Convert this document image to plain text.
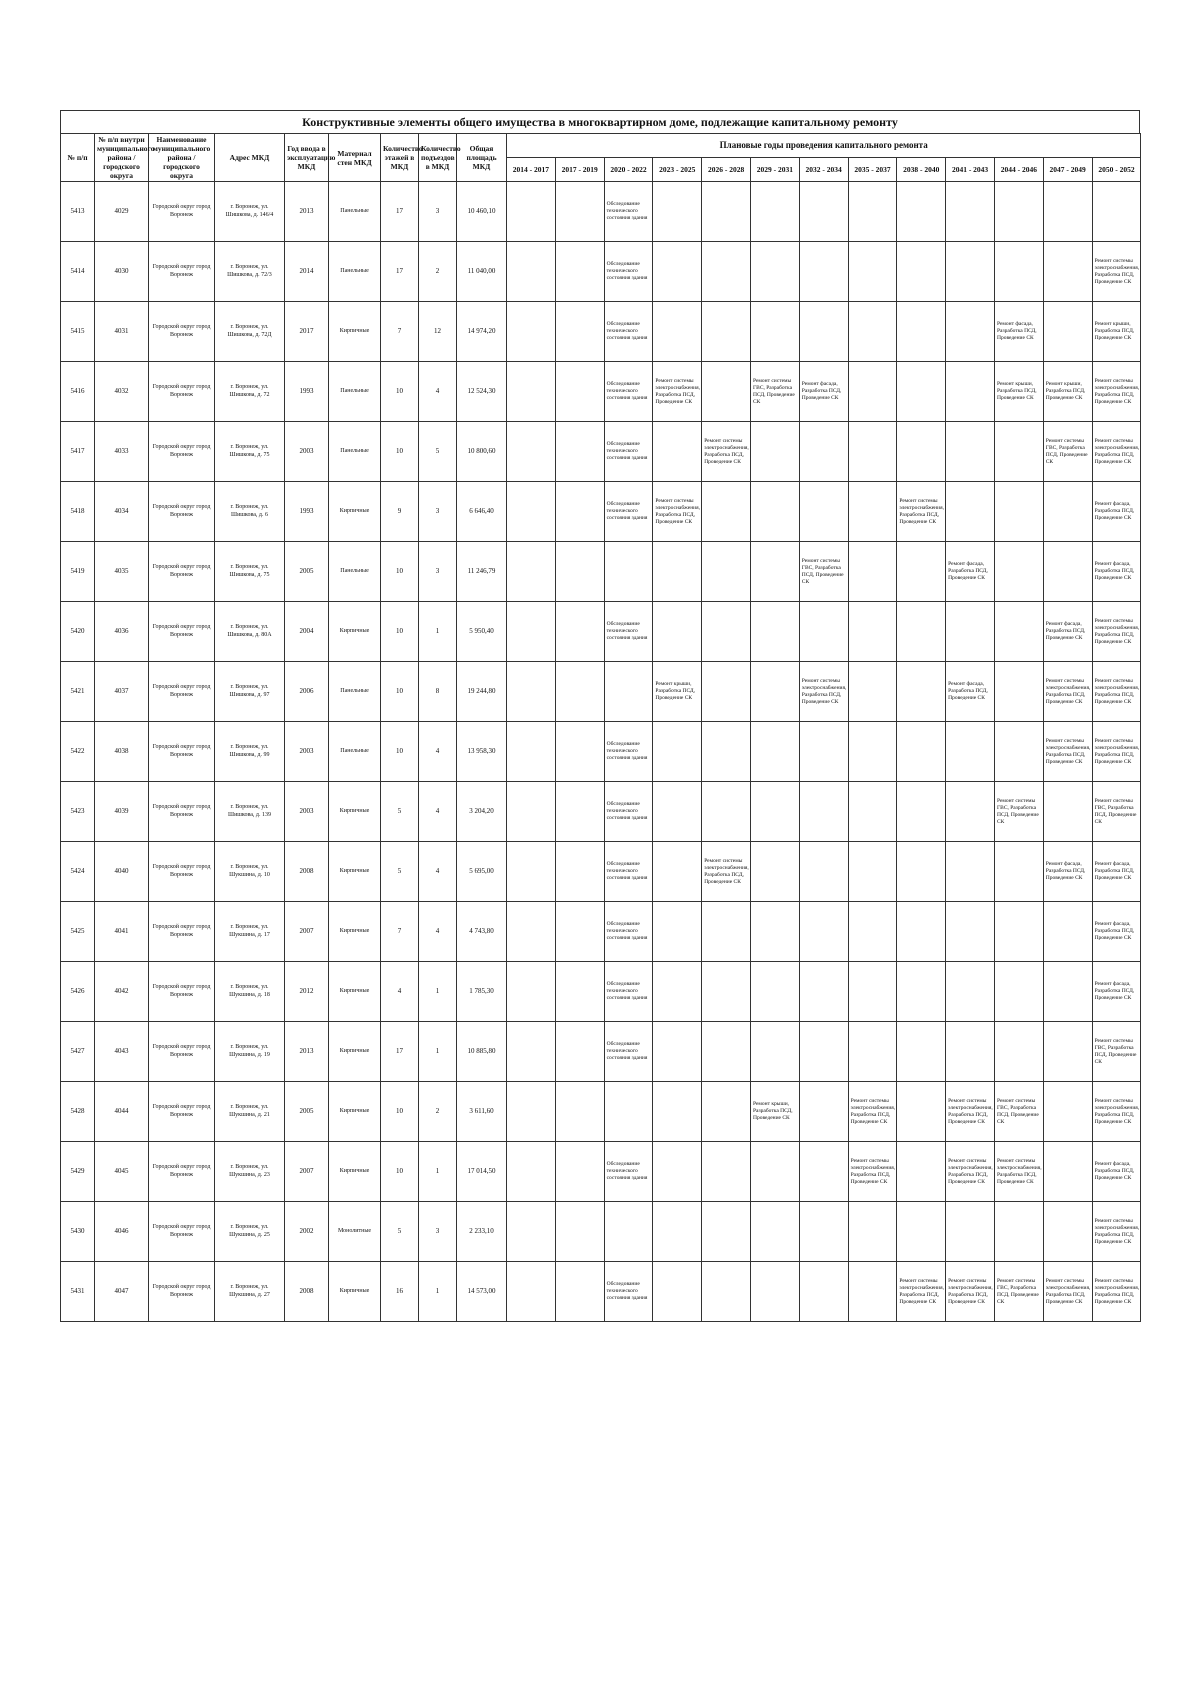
Конструктивные элементы общего имущества в многоквартирном доме, подлежащие капитальному ремонту
№ п/п	№ п/п внутри муниципального района / городского округа	Наименование муниципального района / городского округа	Адрес МКД	Год ввода в эксплуатацию МКД	Материал стен МКД	Количество этажей в МКД	Количество подъездов в МКД	Общая площадь МКД	Плановые годы проведения капитального ремонта												
									2014 - 2017	2017 - 2019	2020 - 2022	2023 - 2025	2026 - 2028	2029 - 2031	2032 - 2034	2035 - 2037	2038 - 2040	2041 - 2043	2044 - 2046	2047 - 2049	2050 - 2052
5413	4029	Городской округ город Воронеж	г. Воронеж, ул. Шишкова, д. 146/4	2013	Панельные	17	3	10 460,10			Обследование технического состояния здания										
5414	4030	Городской округ город Воронеж	г. Воронеж, ул. Шишкова, д. 72/3	2014	Панельные	17	2	11 040,00			Обследование технического состояния здания										Ремонт системы электроснабжения, Разработка ПСД, Проведение СК
5415	4031	Городской округ город Воронеж	г. Воронеж, ул. Шишкова, д. 72Д	2017	Кирпичные	7	12	14 974,20			Обследование технического состояния здания								Ремонт фасада, Разработка ПСД, Проведение СК		Ремонт крыши, Разработка ПСД, Проведение СК
5416	4032	Городской округ город Воронеж	г. Воронеж, ул. Шишкова, д. 72	1993	Панельные	10	4	12 524,30			Обследование технического состояния здания	Ремонт системы электроснабжения, Разработка ПСД, Проведение СК		Ремонт системы ГВС, Разработка ПСД, Проведение СК	Ремонт фасада, Разработка ПСД, Проведение СК				Ремонт крыши, Разработка ПСД, Проведение СК	Ремонт крыши, Разработка ПСД, Проведение СК	Ремонт системы электроснабжения, Разработка ПСД, Проведение СК
5417	4033	Городской округ город Воронеж	г. Воронеж, ул. Шишкова, д. 75	2003	Панельные	10	5	10 800,60			Обследование технического состояния здания		Ремонт системы электроснабжения, Разработка ПСД, Проведение СК							Ремонт системы ГВС, Разработка ПСД, Проведение СК	Ремонт системы электроснабжения, Разработка ПСД, Проведение СК
5418	4034	Городской округ город Воронеж	г. Воронеж, ул. Шишкова, д. 6	1993	Кирпичные	9	3	6 646,40			Обследование технического состояния здания	Ремонт системы электроснабжения, Разработка ПСД, Проведение СК					Ремонт системы электроснабжения, Разработка ПСД, Проведение СК				Ремонт фасада, Разработка ПСД, Проведение СК
5419	4035	Городской округ город Воронеж	г. Воронеж, ул. Шишкова, д. 75	2005	Панельные	10	3	11 246,79							Ремонт системы ГВС, Разработка ПСД, Проведение СК			Ремонт фасада, Разработка ПСД, Проведение СК			Ремонт фасада, Разработка ПСД, Проведение СК
5420	4036	Городской округ город Воронеж	г. Воронеж, ул. Шишкова, д. 80А	2004	Кирпичные	10	1	5 950,40			Обследование технического состояния здания									Ремонт фасада, Разработка ПСД, Проведение СК	Ремонт системы электроснабжения, Разработка ПСД, Проведение СК
5421	4037	Городской округ город Воронеж	г. Воронеж, ул. Шишкова, д. 97	2006	Панельные	10	8	19 244,80				Ремонт крыши, Разработка ПСД, Проведение СК			Ремонт системы электроснабжения, Разработка ПСД, Проведение СК			Ремонт фасада, Разработка ПСД, Проведение СК		Ремонт системы электроснабжения, Разработка ПСД, Проведение СК	Ремонт системы электроснабжения, Разработка ПСД, Проведение СК
5422	4038	Городской округ город Воронеж	г. Воронеж, ул. Шишкова, д. 99	2003	Панельные	10	4	13 958,30			Обследование технического состояния здания									Ремонт системы электроснабжения, Разработка ПСД, Проведение СК	Ремонт системы электроснабжения, Разработка ПСД, Проведение СК
5423	4039	Городской округ город Воронеж	г. Воронеж, ул. Шишкова, д. 139	2003	Кирпичные	5	4	3 204,20			Обследование технического состояния здания								Ремонт системы ГВС, Разработка ПСД, Проведение СК		Ремонт системы ГВС, Разработка ПСД, Проведение СК
5424	4040	Городской округ город Воронеж	г. Воронеж, ул. Шукшина, д. 10	2008	Кирпичные	5	4	5 695,00			Обследование технического состояния здания		Ремонт системы электроснабжения, Разработка ПСД, Проведение СК							Ремонт фасада, Разработка ПСД, Проведение СК	Ремонт фасада, Разработка ПСД, Проведение СК
5425	4041	Городской округ город Воронеж	г. Воронеж, ул. Шукшина, д. 17	2007	Кирпичные	7	4	4 743,80			Обследование технического состояния здания										Ремонт фасада, Разработка ПСД, Проведение СК
5426	4042	Городской округ город Воронеж	г. Воронеж, ул. Шукшина, д. 18	2012	Кирпичные	4	1	1 785,30			Обследование технического состояния здания										Ремонт фасада, Разработка ПСД, Проведение СК
5427	4043	Городской округ город Воронеж	г. Воронеж, ул. Шукшина, д. 19	2013	Кирпичные	17	1	10 885,80			Обследование технического состояния здания										Ремонт системы ГВС, Разработка ПСД, Проведение СК
5428	4044	Городской округ город Воронеж	г. Воронеж, ул. Шукшина, д. 21	2005	Кирпичные	10	2	3 611,60						Ремонт крыши, Разработка ПСД, Проведение СК		Ремонт системы электроснабжения, Разработка ПСД, Проведение СК		Ремонт системы электроснабжения, Разработка ПСД, Проведение СК	Ремонт системы ГВС, Разработка ПСД, Проведение СК		Ремонт системы электроснабжения, Разработка ПСД, Проведение СК
5429	4045	Городской округ город Воронеж	г. Воронеж, ул. Шукшина, д. 23	2007	Кирпичные	10	1	17 014,50			Обследование технического состояния здания					Ремонт системы электроснабжения, Разработка ПСД, Проведение СК		Ремонт системы электроснабжения, Разработка ПСД, Проведение СК	Ремонт системы электроснабжения, Разработка ПСД, Проведение СК		Ремонт фасада, Разработка ПСД, Проведение СК
5430	4046	Городской округ город Воронеж	г. Воронеж, ул. Шукшина, д. 25	2002	Монолитные	5	3	2 233,10													Ремонт системы электроснабжения, Разработка ПСД, Проведение СК
5431	4047	Городской округ город Воронеж	г. Воронеж, ул. Шукшина, д. 27	2008	Кирпичные	16	1	14 573,00			Обследование технического состояния здания						Ремонт системы электроснабжения, Разработка ПСД, Проведение СК	Ремонт системы электроснабжения, Разработка ПСД, Проведение СК	Ремонт системы ГВС, Разработка ПСД, Проведение СК	Ремонт системы электроснабжения, Разработка ПСД, Проведение СК	Ремонт системы электроснабжения, Разработка ПСД, Проведение СК
